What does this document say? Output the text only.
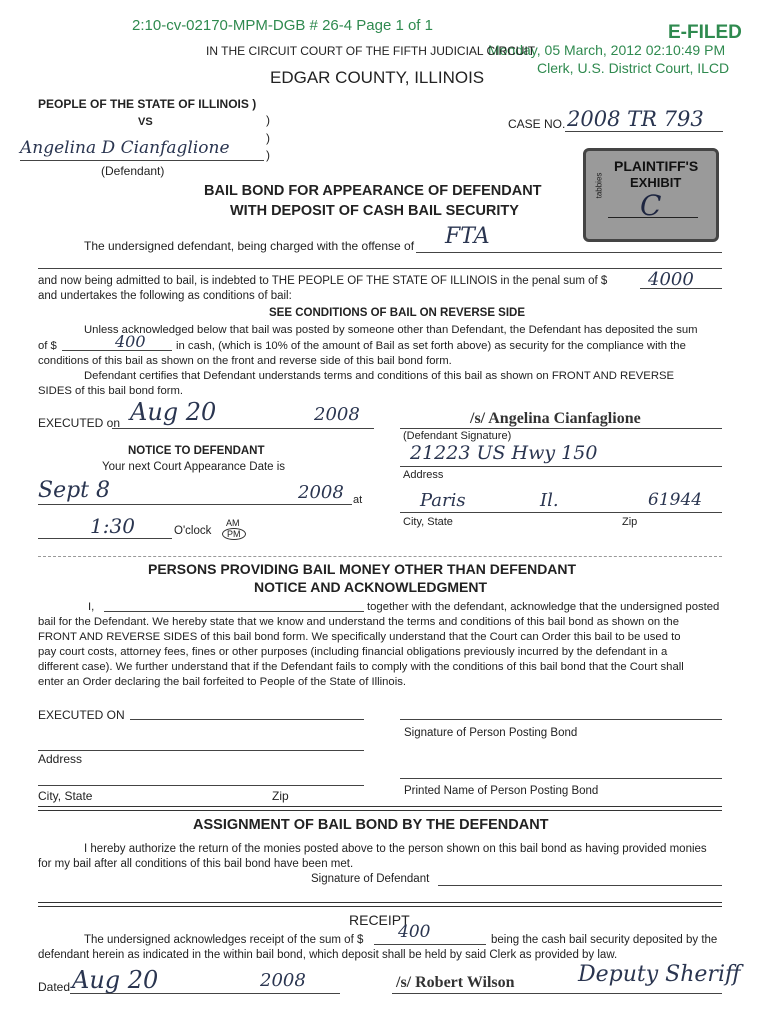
2:10-cv-02170-MPM-DGB # 26-4 Page 1 of 1	E-FILED
Monday, 05 March, 2012 02:10:49 PM
Clerk, U.S. District Court, ILCD
IN THE CIRCUIT COURT OF THE FIFTH JUDICIAL CIRCUIT
EDGAR COUNTY, ILLINOIS
PEOPLE OF THE STATE OF ILLINOIS )
VS	)
)
Angelina D Cianfaglione	)
(Defendant)
CASE NO. 2008 TR 793
tabbies
PLAINTIFF'S
EXHIBIT
C
BAIL BOND FOR APPEARANCE OF DEFENDANT
WITH DEPOSIT OF CASH BAIL SECURITY
The undersigned defendant, being charged with the offense of FTA
and now being admitted to bail, is indebted to THE PEOPLE OF THE STATE OF ILLINOIS in the penal sum of $ 4000
and undertakes the following as conditions of bail:
SEE CONDITIONS OF BAIL ON REVERSE SIDE
Unless acknowledged below that bail was posted by someone other than Defendant, the Defendant has deposited the sum
of $	400	in cash, (which is 10% of the amount of Bail as set forth above) as security for the compliance with the
conditions of this bail as shown on the front and reverse side of this bail bond form.
Defendant certifies that Defendant understands terms and conditions of this bail as shown on FRONT AND REVERSE
SIDES of this bail bond form.
EXECUTED on Aug 20	2008	/s/ Angelina Cianfaglione
(Defendant Signature)
21223 US Hwy 150
Address
Paris	Il.	61944
City, State	Zip
NOTICE TO DEFENDANT
Your next Court Appearance Date is
Sept 8	2008 at
1:30	O'clock
AM
PM
PERSONS PROVIDING BAIL MONEY OTHER THAN DEFENDANT
NOTICE AND ACKNOWLEDGMENT
I,	together with the defendant, acknowledge that the undersigned posted
bail for the Defendant. We hereby state that we know and understand the terms and conditions of this bail bond as shown on the
FRONT AND REVERSE SIDES of this bail bond form. We specifically understand that the Court can Order this bail to be used to
pay court costs, attorney fees, fines or other purposes (including financial obligations previously incurred by the defendant in a
different case). We further understand that if the Defendant fails to comply with the conditions of this bail bond that the Court shall
enter an Order declaring the bail forfeited to People of the State of Illinois.
EXECUTED ON
Signature of Person Posting Bond
Address
City, State	Zip	Printed Name of Person Posting Bond
ASSIGNMENT OF BAIL BOND BY THE DEFENDANT
I hereby authorize the return of the monies posted above to the person shown on this bail bond as having provided monies
for my bail after all conditions of this bail bond have been met.
Signature of Defendant
RECEIPT
The undersigned acknowledges receipt of the sum of $ 400	being the cash bail security deposited by the
defendant herein as indicated in the within bail bond, which deposit shall be held by said Clerk as provided by law.
Dated Aug 20	2008	/s/ Robert Wilson	Deputy Sheriff
